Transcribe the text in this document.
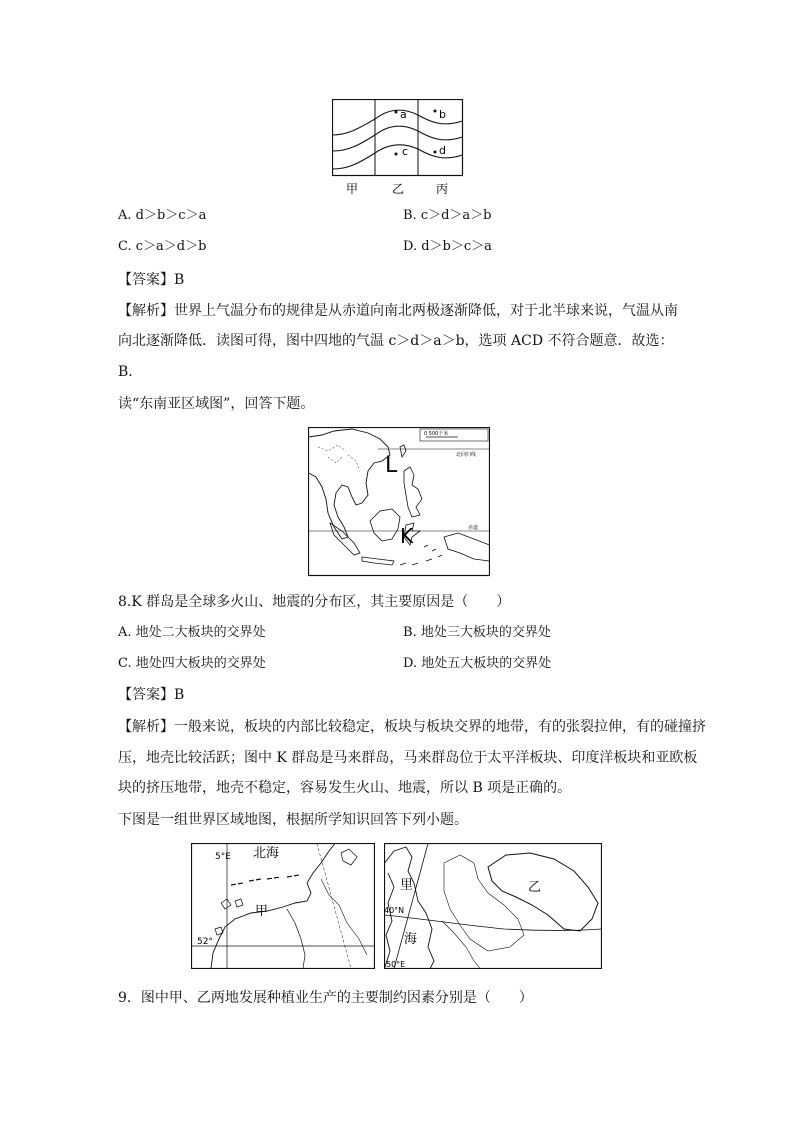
a	b
c	d
甲	乙	丙
A. d＞b＞c＞a	B. c＞d＞a＞b
C. c＞a＞d＞b	D. d＞b＞c＞a
【答案】B
【解析】世界上气温分布的规律是从赤道向南北两极逐渐降低，对于北半球来说，气温从南
向北逐渐降低．读图可得，图中四地的气温 c＞d＞a＞b，选项 ACD 不符合题意．故选：
B．
读“东南亚区域图”，回答下题。
北回归线
赤道
0 500千米
L
K
8.K 群岛是全球多火山、地震的分布区，其主要原因是（　　）
A. 地处二大板块的交界处	B. 地处三大板块的交界处
C. 地处四大板块的交界处	D. 地处五大板块的交界处
【答案】B
【解析】一般来说，板块的内部比较稳定，板块与板块交界的地带，有的张裂拉伸，有的碰撞挤
压，地壳比较活跃；图中 K 群岛是马来群岛，马来群岛位于太平洋板块、印度洋板块和亚欧板
块的挤压地带，地壳不稳定，容易发生火山、地震，所以 B 项是正确的。
下图是一组世界区域地图，根据所学知识回答下列小题。
5°E 北海
甲
52°
里
40°N
海
50°E
乙
9．图中甲、乙两地发展种植业生产的主要制约因素分别是（　　）
